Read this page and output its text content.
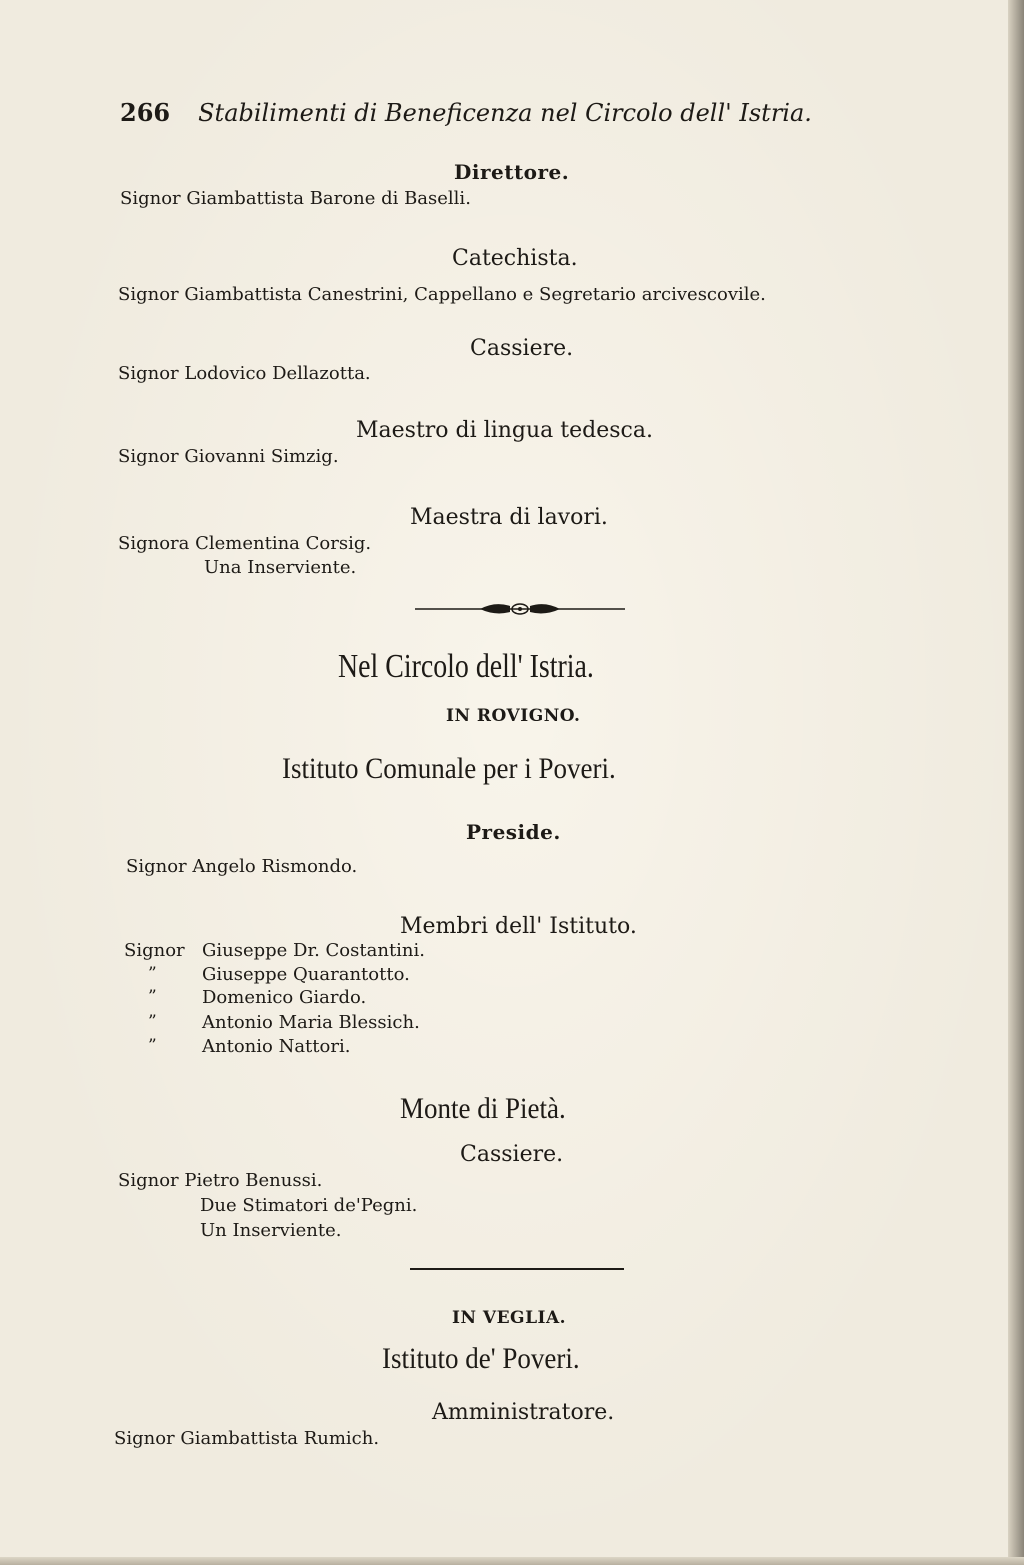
266 Stabilimenti di Beneficenza nel Circolo dell' Istria.
Direttore.
Signor Giambattista Barone di Baselli.
Catechista.
Signor Giambattista Canestrini, Cappellano e Segretario arcivescovile.
Cassiere.
Signor Lodovico Dellazotta.
Maestro di lingua tedesca.
Signor Giovanni Simzig.
Maestra di lavori.
Signora Clementina Corsig.
Una Inserviente.
Nel Circolo dell' Istria.
IN ROVIGNO.
Istituto Comunale per i Poveri.
Preside.
Signor Angelo Rismondo.
Membri dell' Istituto.
Signor Giuseppe Dr. Costantini.
”	Giuseppe Quarantotto.
”	Domenico Giardo.
”	Antonio Maria Blessich.
”	Antonio Nattori.
Monte di Pietà.
Cassiere.
Signor Pietro Benussi.
Due Stimatori de'Pegni.
Un Inserviente.
IN VEGLIA.
Istituto de' Poveri.
Amministratore.
Signor Giambattista Rumich.
